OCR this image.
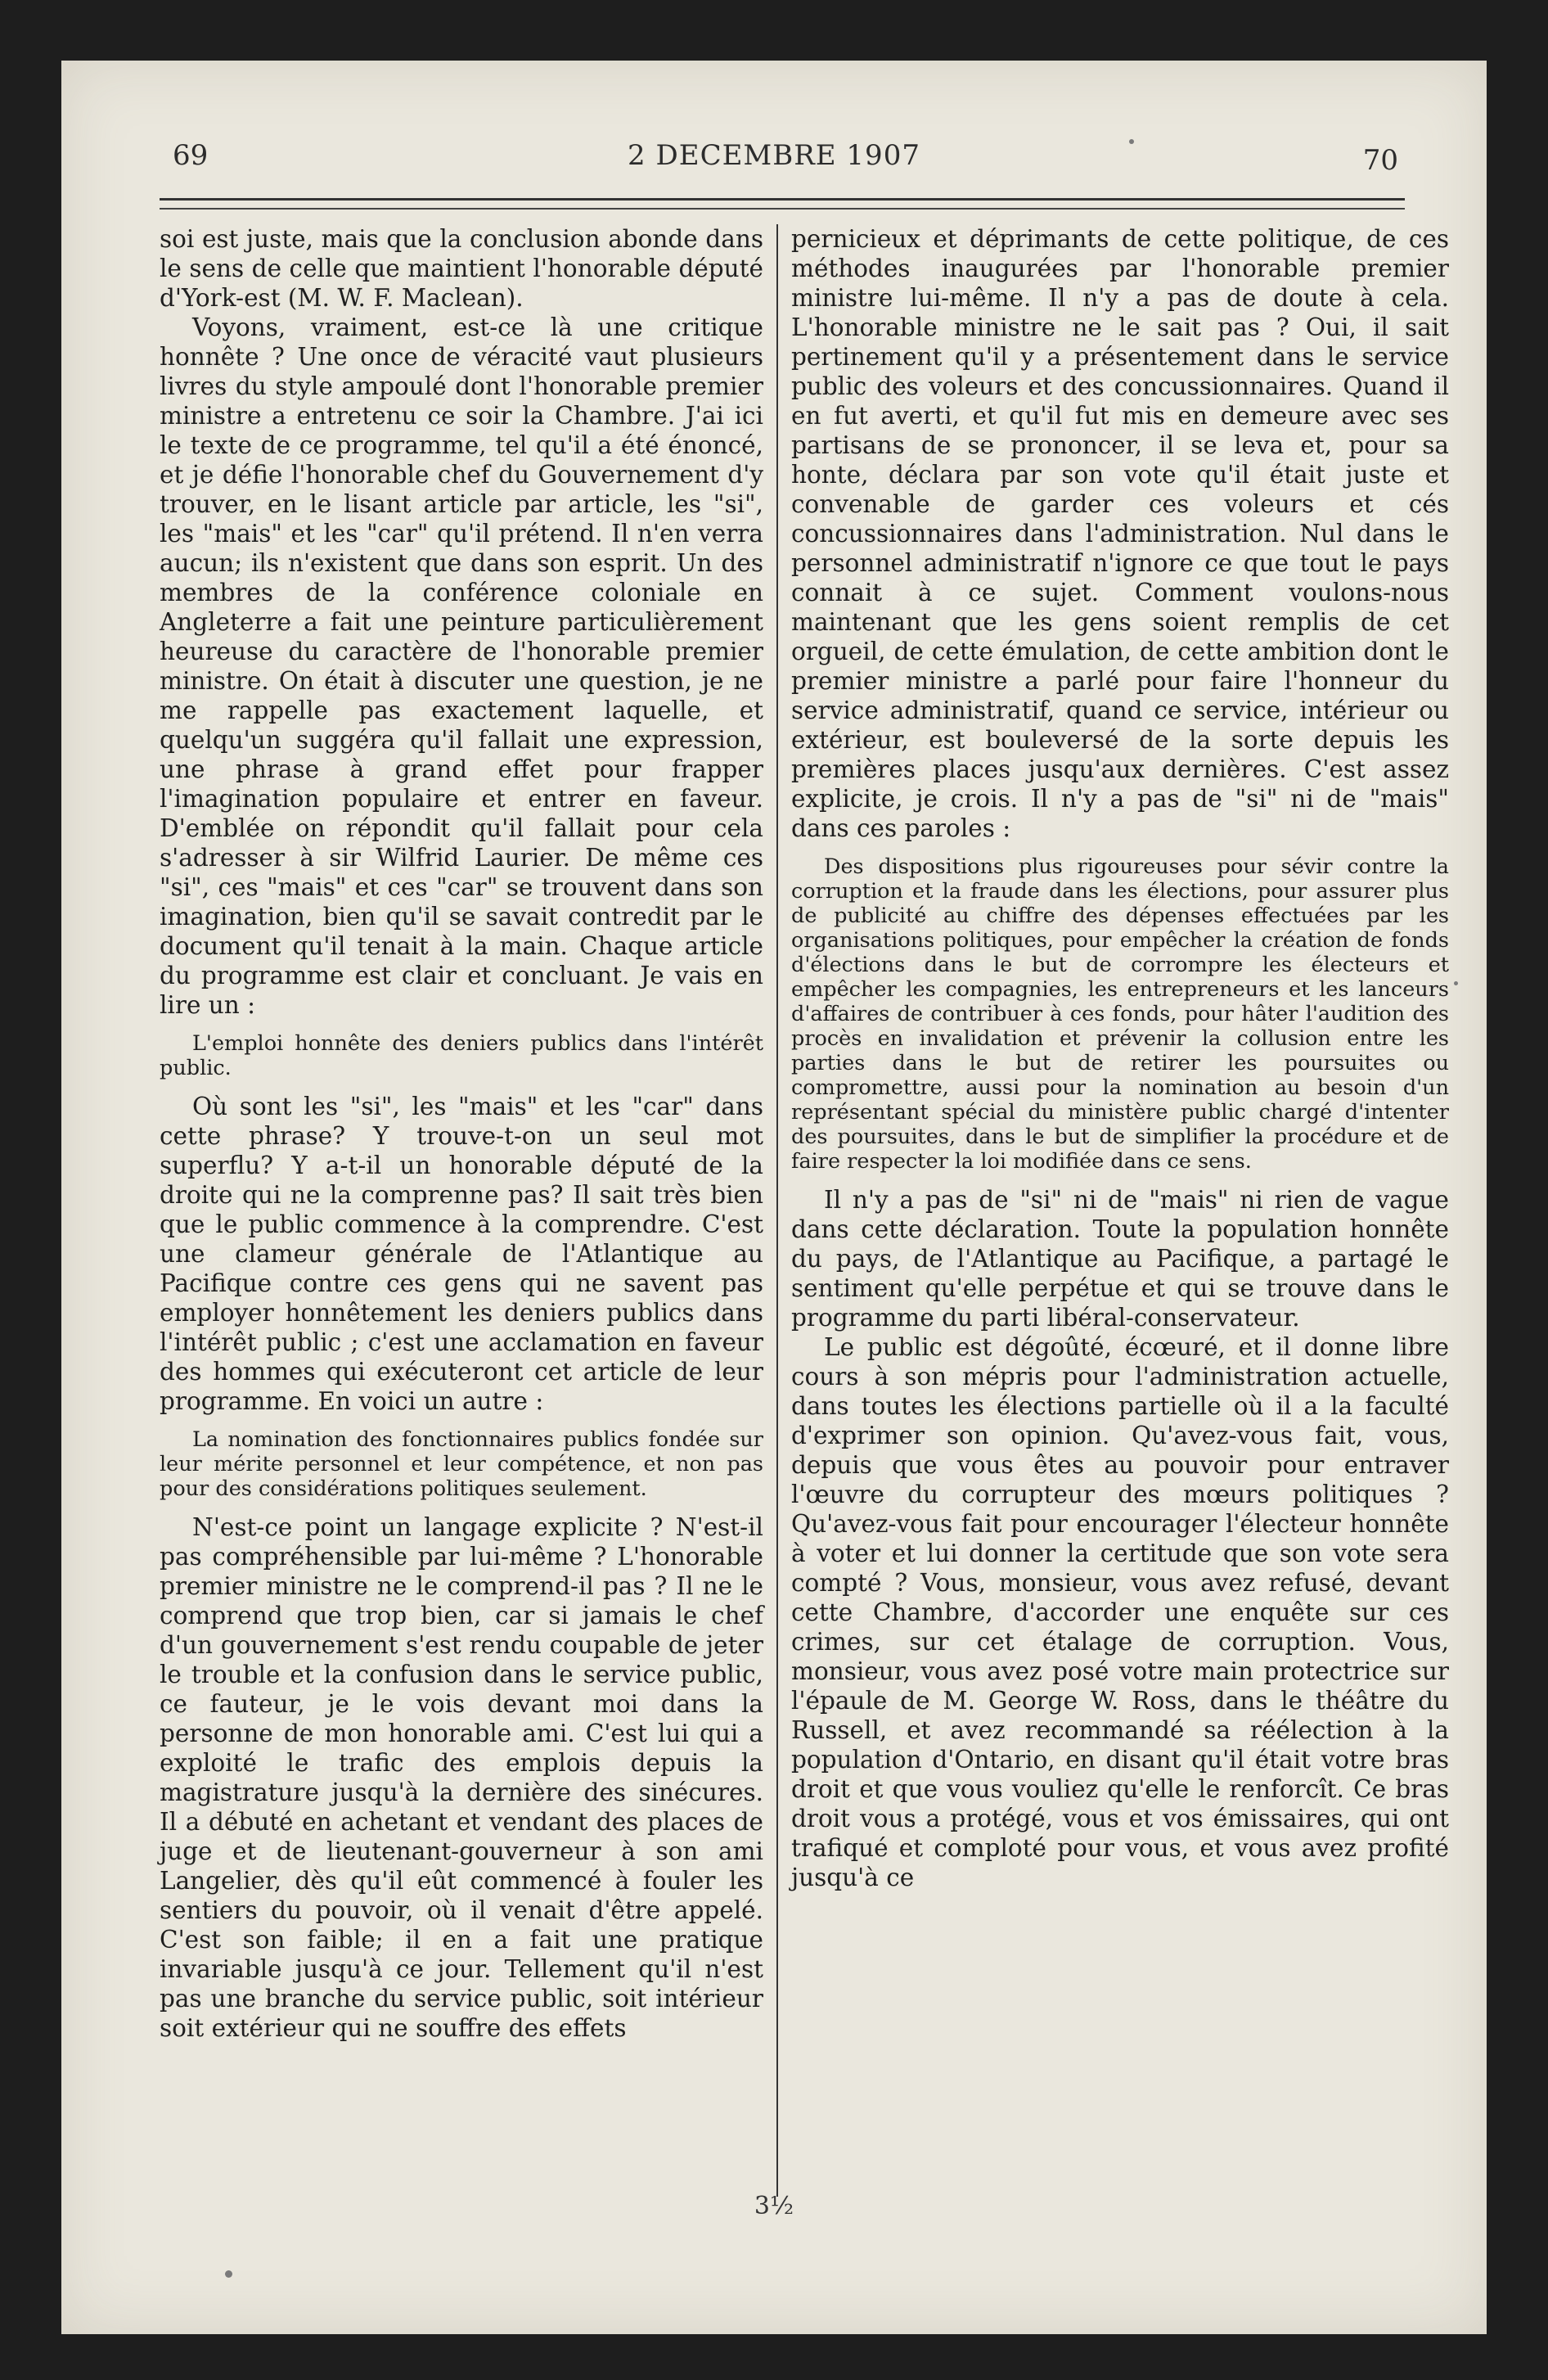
69	2 DECEMBRE 1907	70

soi est juste, mais que la conclusion abonde dans le sens de celle que maintient l'honorable député d'York-est (M. W. F. Maclean).

Voyons, vraiment, est-ce là une critique honnête ? Une once de véracité vaut plusieurs livres du style ampoulé dont l'honorable premier ministre a entretenu ce soir la Chambre. J'ai ici le texte de ce programme, tel qu'il a été énoncé, et je défie l'honorable chef du Gouvernement d'y trouver, en le lisant article par article, les "si", les "mais" et les "car" qu'il prétend. Il n'en verra aucun; ils n'existent que dans son esprit. Un des membres de la conférence coloniale en Angleterre a fait une peinture particulièrement heureuse du caractère de l'honorable premier ministre. On était à discuter une question, je ne me rappelle pas exactement laquelle, et quelqu'un suggéra qu'il fallait une expression, une phrase à grand effet pour frapper l'imagination populaire et entrer en faveur. D'emblée on répondit qu'il fallait pour cela s'adresser à sir Wilfrid Laurier. De même ces "si", ces "mais" et ces "car" se trouvent dans son imagination, bien qu'il se savait contredit par le document qu'il tenait à la main. Chaque article du programme est clair et concluant. Je vais en lire un :

L'emploi honnête des deniers publics dans l'intérêt public.

Où sont les "si", les "mais" et les "car" dans cette phrase? Y trouve-t-on un seul mot superflu? Y a-t-il un honorable député de la droite qui ne la comprenne pas? Il sait très bien que le public commence à la comprendre. C'est une clameur générale de l'Atlantique au Pacifique contre ces gens qui ne savent pas employer honnêtement les deniers publics dans l'intérêt public ; c'est une acclamation en faveur des hommes qui exécuteront cet article de leur programme. En voici un autre :

La nomination des fonctionnaires publics fondée sur leur mérite personnel et leur compétence, et non pas pour des considérations politiques seulement.

N'est-ce point un langage explicite ? N'est-il pas compréhensible par lui-même ? L'honorable premier ministre ne le comprend-il pas ? Il ne le comprend que trop bien, car si jamais le chef d'un gouvernement s'est rendu coupable de jeter le trouble et la confusion dans le service public, ce fauteur, je le vois devant moi dans la personne de mon honorable ami. C'est lui qui a exploité le trafic des emplois depuis la magistrature jusqu'à la dernière des sinécures. Il a débuté en achetant et vendant des places de juge et de lieutenant-gouverneur à son ami Langelier, dès qu'il eût commencé à fouler les sentiers du pouvoir, où il venait d'être appelé. C'est son faible; il en a fait une pratique invariable jusqu'à ce jour. Tellement qu'il n'est pas une branche du service public, soit intérieur soit extérieur qui ne souffre des effets

pernicieux et déprimants de cette politique, de ces méthodes inaugurées par l'honorable premier ministre lui-même. Il n'y a pas de doute à cela. L'honorable ministre ne le sait pas ? Oui, il sait pertinement qu'il y a présentement dans le service public des voleurs et des concussionnaires. Quand il en fut averti, et qu'il fut mis en demeure avec ses partisans de se prononcer, il se leva et, pour sa honte, déclara par son vote qu'il était juste et convenable de garder ces voleurs et cés concussionnaires dans l'administration. Nul dans le personnel administratif n'ignore ce que tout le pays connait à ce sujet. Comment voulons-nous maintenant que les gens soient remplis de cet orgueil, de cette émulation, de cette ambition dont le premier ministre a parlé pour faire l'honneur du service administratif, quand ce service, intérieur ou extérieur, est bouleversé de la sorte depuis les premières places jusqu'aux dernières. C'est assez explicite, je crois. Il n'y a pas de "si" ni de "mais" dans ces paroles :

Des dispositions plus rigoureuses pour sévir contre la corruption et la fraude dans les élections, pour assurer plus de publicité au chiffre des dépenses effectuées par les organisations politiques, pour empêcher la création de fonds d'élections dans le but de corrompre les électeurs et empêcher les compagnies, les entrepreneurs et les lanceurs d'affaires de contribuer à ces fonds, pour hâter l'audition des procès en invalidation et prévenir la collusion entre les parties dans le but de retirer les poursuites ou compromettre, aussi pour la nomination au besoin d'un représentant spécial du ministère public chargé d'intenter des poursuites, dans le but de simplifier la procédure et de faire respecter la loi modifiée dans ce sens.

Il n'y a pas de "si" ni de "mais" ni rien de vague dans cette déclaration. Toute la population honnête du pays, de l'Atlantique au Pacifique, a partagé le sentiment qu'elle perpétue et qui se trouve dans le programme du parti libéral-conservateur.

Le public est dégoûté, écœuré, et il donne libre cours à son mépris pour l'administration actuelle, dans toutes les élections partielle où il a la faculté d'exprimer son opinion. Qu'avez-vous fait, vous, depuis que vous êtes au pouvoir pour entraver l'œuvre du corrupteur des mœurs politiques ? Qu'avez-vous fait pour encourager l'électeur honnête à voter et lui donner la certitude que son vote sera compté ? Vous, monsieur, vous avez refusé, devant cette Chambre, d'accorder une enquête sur ces crimes, sur cet étalage de corruption. Vous, monsieur, vous avez posé votre main protectrice sur l'épaule de M. George W. Ross, dans le théâtre du Russell, et avez recommandé sa réélection à la population d'Ontario, en disant qu'il était votre bras droit et que vous vouliez qu'elle le renforcît. Ce bras droit vous a protégé, vous et vos émissaires, qui ont trafiqué et comploté pour vous, et vous avez profité jusqu'à ce

3½
